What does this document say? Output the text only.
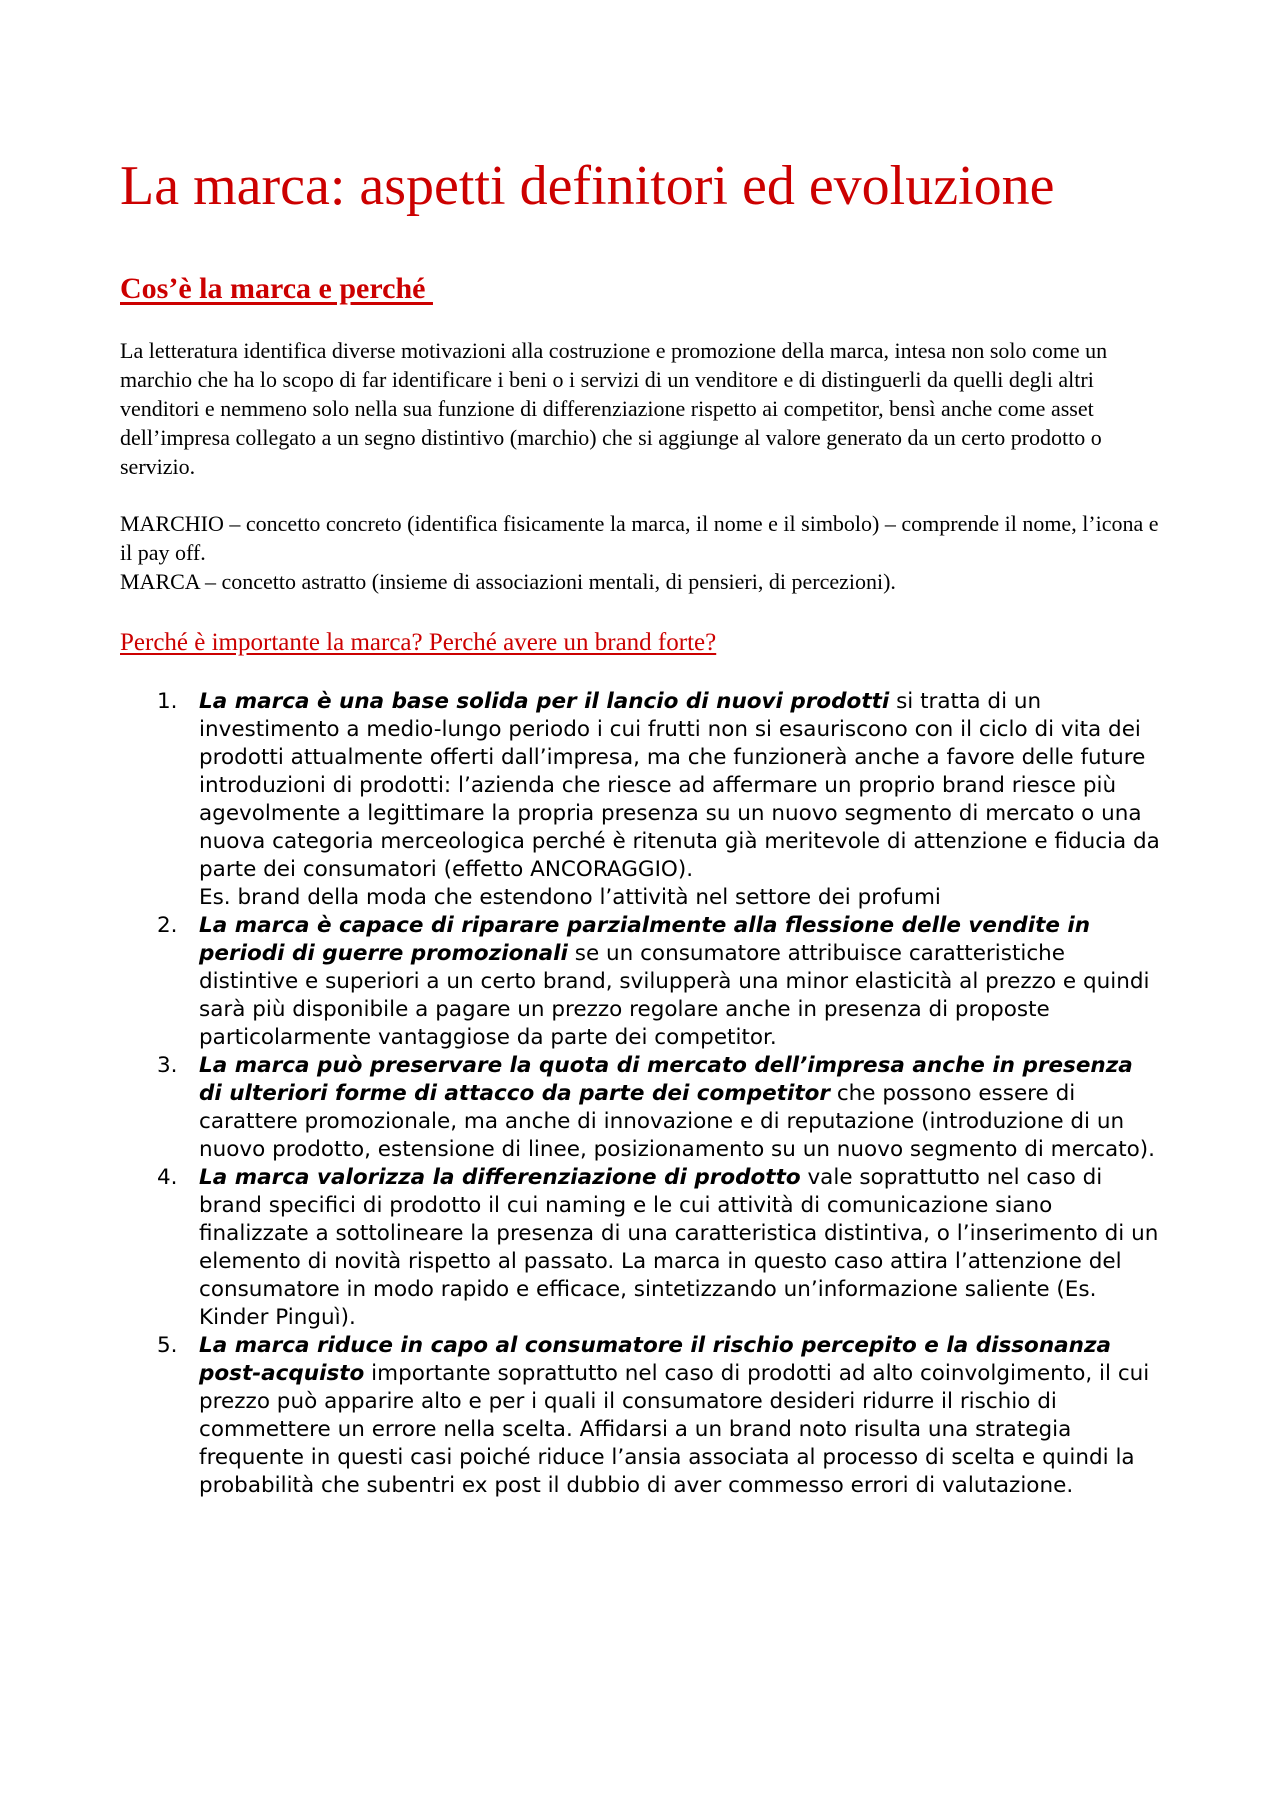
La marca: aspetti definitori ed evoluzione
Cos’è la marca e perché

La letteratura identifica diverse motivazioni alla costruzione e promozione della marca, intesa non solo come un marchio che ha lo scopo di far identificare i beni o i servizi di un venditore e di distinguerli da quelli degli altri venditori e nemmeno solo nella sua funzione di differenziazione rispetto ai competitor, bensì anche come asset dell’impresa collegato a un segno distintivo (marchio) che si aggiunge al valore generato da un certo prodotto o servizio.

MARCHIO – concetto concreto (identifica fisicamente la marca, il nome e il simbolo) – comprende il nome, l’icona e il pay off.

MARCA – concetto astratto (insieme di associazioni mentali, di pensieri, di percezioni).

Perché è importante la marca? Perché avere un brand forte?
1. La marca è una base solida per il lancio di nuovi prodotti si tratta di un investimento a medio-lungo periodo i cui frutti non si esauriscono con il ciclo di vita dei prodotti attualmente offerti dall’impresa, ma che funzionerà anche a favore delle future introduzioni di prodotti: l’azienda che riesce ad affermare un proprio brand riesce più agevolmente a legittimare la propria presenza su un nuovo segmento di mercato o una nuova categoria merceologica perché è ritenuta già meritevole di attenzione e fiducia da parte dei consumatori (effetto ANCORAGGIO).
Es. brand della moda che estendono l’attività nel settore dei profumi
2. La marca è capace di riparare parzialmente alla flessione delle vendite in periodi di guerre promozionali se un consumatore attribuisce caratteristiche distintive e superiori a un certo brand, svilupperà una minor elasticità al prezzo e quindi sarà più disponibile a pagare un prezzo regolare anche in presenza di proposte particolarmente vantaggiose da parte dei competitor.
3. La marca può preservare la quota di mercato dell’impresa anche in presenza di ulteriori forme di attacco da parte dei competitor che possono essere di carattere promozionale, ma anche di innovazione e di reputazione (introduzione di un nuovo prodotto, estensione di linee, posizionamento su un nuovo segmento di mercato).
4. La marca valorizza la differenziazione di prodotto vale soprattutto nel caso di brand specifici di prodotto il cui naming e le cui attività di comunicazione siano finalizzate a sottolineare la presenza di una caratteristica distintiva, o l’inserimento di un elemento di novità rispetto al passato. La marca in questo caso attira l’attenzione del consumatore in modo rapido e efficace, sintetizzando un’informazione saliente (Es. Kinder Pinguì).
5. La marca riduce in capo al consumatore il rischio percepito e la dissonanza post-acquisto importante soprattutto nel caso di prodotti ad alto coinvolgimento, il cui prezzo può apparire alto e per i quali il consumatore desideri ridurre il rischio di commettere un errore nella scelta. Affidarsi a un brand noto risulta una strategia frequente in questi casi poiché riduce l’ansia associata al processo di scelta e quindi la probabilità che subentri ex post il dubbio di aver commesso errori di valutazione.
